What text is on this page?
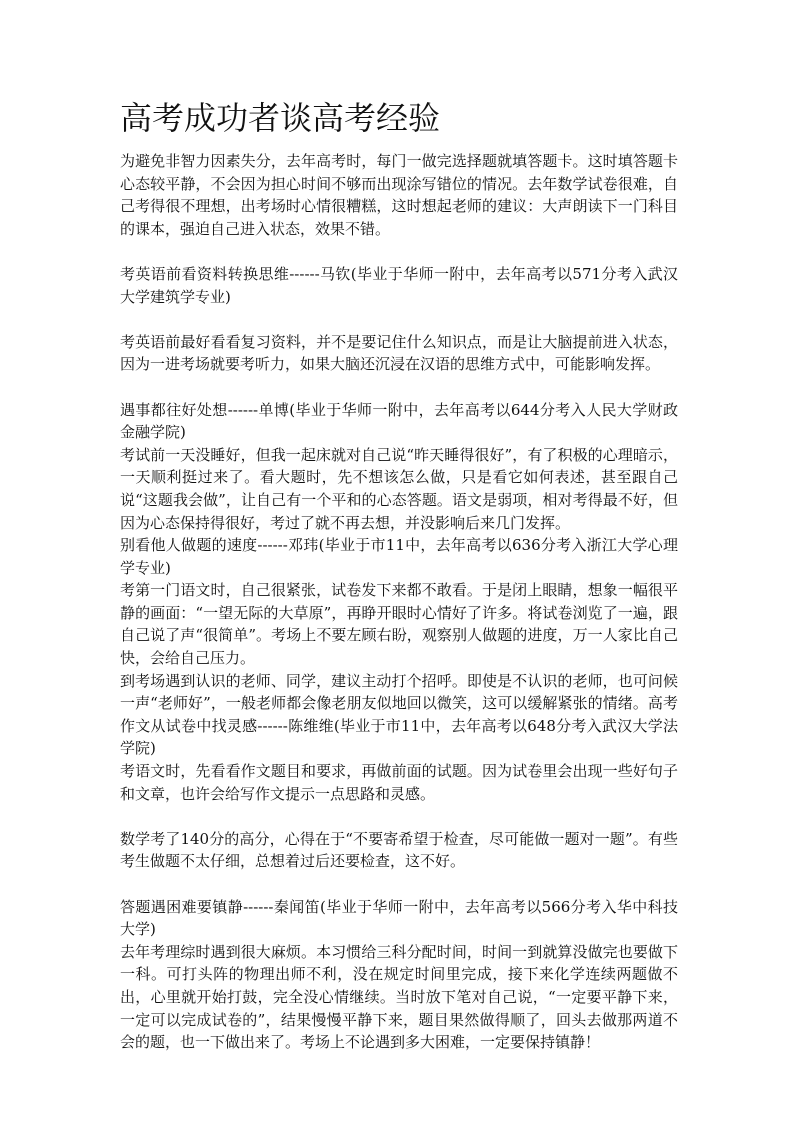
高考成功者谈高考经验

为避免非智力因素失分，去年高考时，每门一做完选择题就填答题卡。这时填答题卡心态较平静，不会因为担心时间不够而出现涂写错位的情况。去年数学试卷很难，自己考得很不理想，出考场时心情很糟糕，这时想起老师的建议：大声朗读下一门科目的课本，强迫自己进入状态，效果不错。

考英语前看资料转换思维------马钦(毕业于华师一附中，去年高考以571分考入武汉大学建筑学专业)

考英语前最好看看复习资料，并不是要记住什么知识点，而是让大脑提前进入状态，因为一进考场就要考听力，如果大脑还沉浸在汉语的思维方式中，可能影响发挥。

遇事都往好处想------单博(毕业于华师一附中，去年高考以644分考入人民大学财政金融学院)

考试前一天没睡好，但我一起床就对自己说“昨天睡得很好”，有了积极的心理暗示，一天顺利挺过来了。看大题时，先不想该怎么做，只是看它如何表述，甚至跟自己说“这题我会做”，让自己有一个平和的心态答题。语文是弱项，相对考得最不好，但因为心态保持得很好，考过了就不再去想，并没影响后来几门发挥。

别看他人做题的速度------邓玮(毕业于市11中，去年高考以636分考入浙江大学心理学专业)

考第一门语文时，自己很紧张，试卷发下来都不敢看。于是闭上眼睛，想象一幅很平静的画面：“一望无际的大草原”，再睁开眼时心情好了许多。将试卷浏览了一遍，跟自己说了声“很简单”。考场上不要左顾右盼，观察别人做题的进度，万一人家比自己快，会给自己压力。

到考场遇到认识的老师、同学，建议主动打个招呼。即使是不认识的老师，也可问候一声“老师好”，一般老师都会像老朋友似地回以微笑，这可以缓解紧张的情绪。高考作文从试卷中找灵感------陈维维(毕业于市11中，去年高考以648分考入武汉大学法学院)

考语文时，先看看作文题目和要求，再做前面的试题。因为试卷里会出现一些好句子和文章，也许会给写作文提示一点思路和灵感。

数学考了140分的高分，心得在于“不要寄希望于检查，尽可能做一题对一题”。有些考生做题不太仔细，总想着过后还要检查，这不好。

答题遇困难要镇静------秦闻笛(毕业于华师一附中，去年高考以566分考入华中科技大学)

去年考理综时遇到很大麻烦。本习惯给三科分配时间，时间一到就算没做完也要做下一科。可打头阵的物理出师不利，没在规定时间里完成，接下来化学连续两题做不出，心里就开始打鼓，完全没心情继续。当时放下笔对自己说，“一定要平静下来，一定可以完成试卷的”，结果慢慢平静下来，题目果然做得顺了，回头去做那两道不会的题，也一下做出来了。考场上不论遇到多大困难，一定要保持镇静！
